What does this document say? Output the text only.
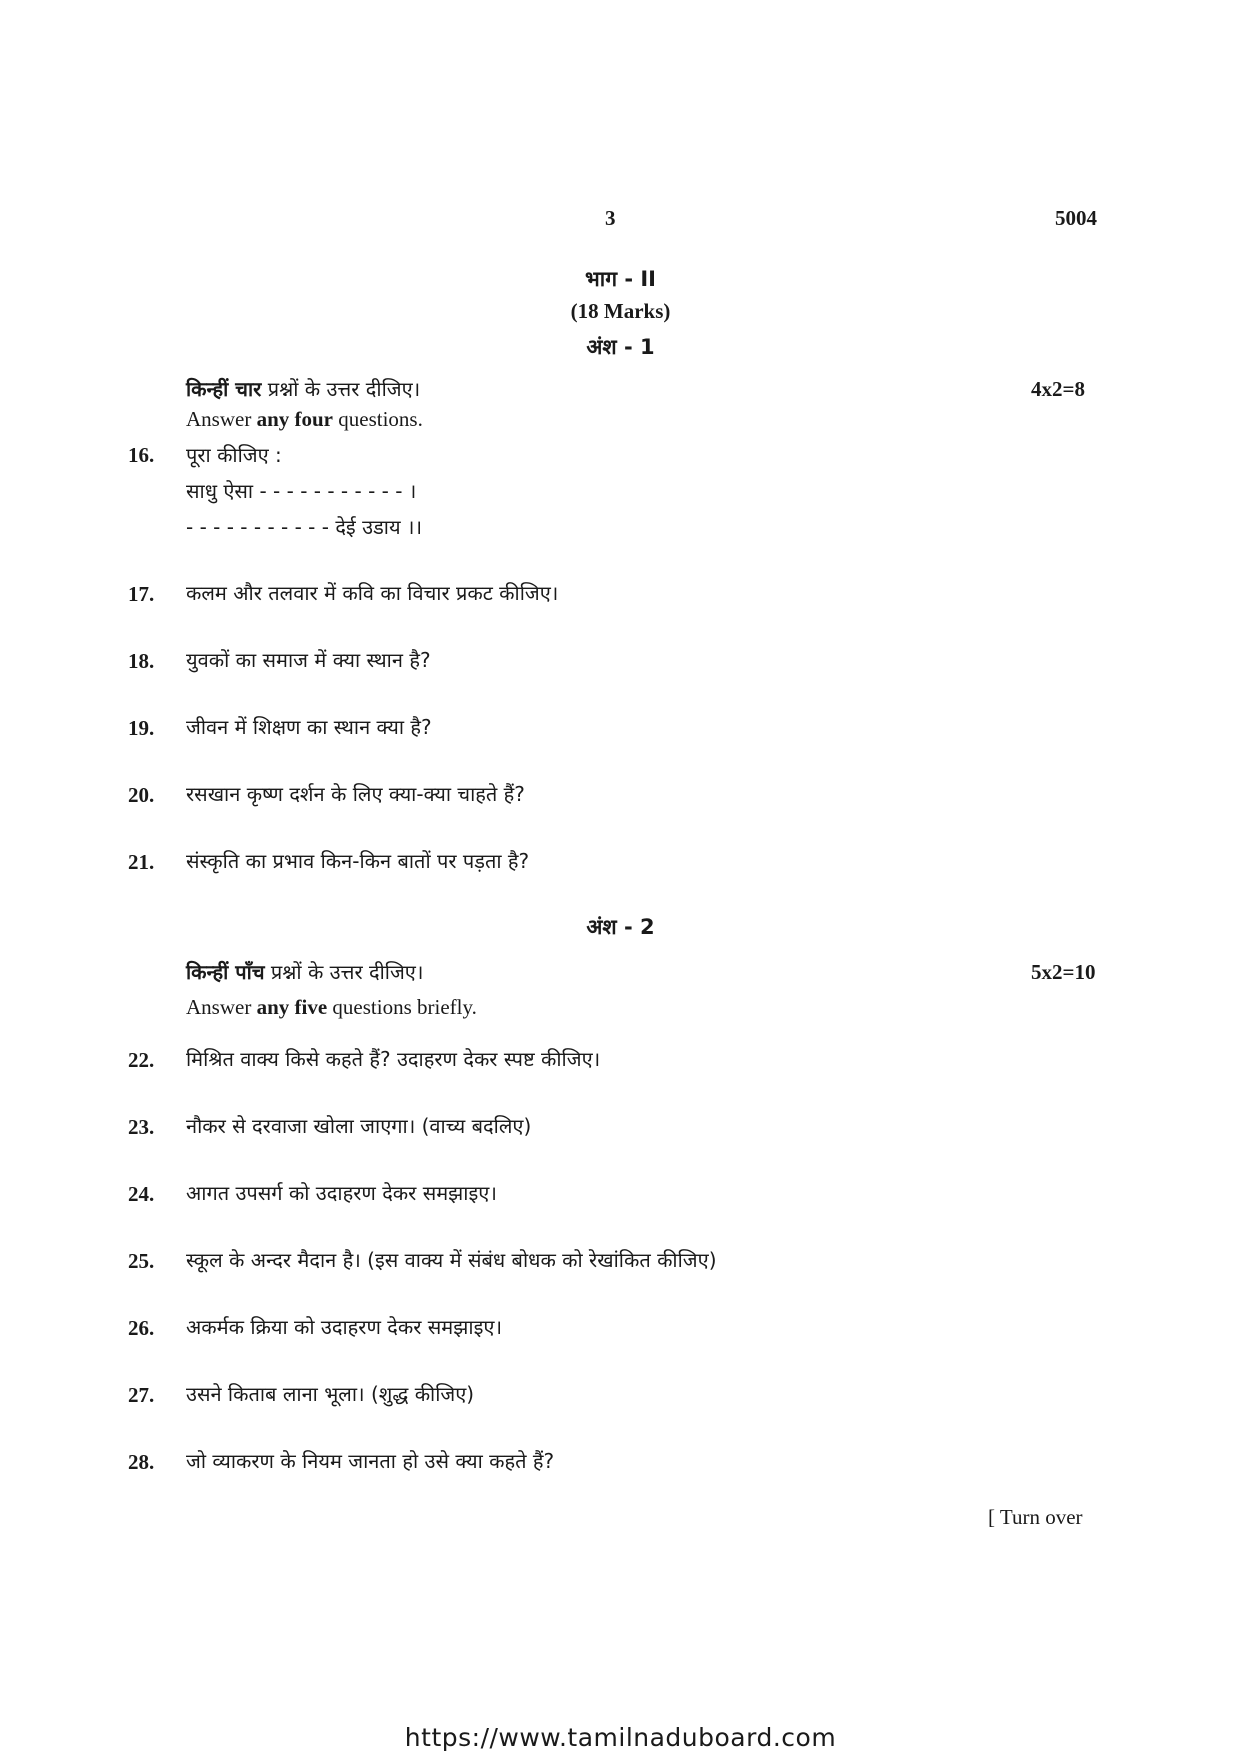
3	5004
भाग - II
(18 Marks)
अंश - 1
किन्हीं चार प्रश्नों के उत्तर दीजिए।	4x2=8
Answer any four questions.
16. पूरा कीजिए :
साधु ऐसा - - - - - - - - - - - ।
- - - - - - - - - - - देई उडाय ।।
17. कलम और तलवार में कवि का विचार प्रकट कीजिए।
18. युवकों का समाज में क्या स्थान है?
19. जीवन में शिक्षण का स्थान क्या है?
20. रसखान कृष्ण दर्शन के लिए क्या-क्या चाहते हैं?
21. संस्कृति का प्रभाव किन-किन बातों पर पड़ता है?
अंश - 2
किन्हीं पाँच प्रश्नों के उत्तर दीजिए।	5x2=10
Answer any five questions briefly.
22. मिश्रित वाक्य किसे कहते हैं? उदाहरण देकर स्पष्ट कीजिए।
23. नौकर से दरवाजा खोला जाएगा। (वाच्य बदलिए)
24. आगत उपसर्ग को उदाहरण देकर समझाइए।
25. स्कूल के अन्दर मैदान है। (इस वाक्य में संबंध बोधक को रेखांकित कीजिए)
26. अकर्मक क्रिया को उदाहरण देकर समझाइए।
27. उसने किताब लाना भूला। (शुद्ध कीजिए)
28. जो व्याकरण के नियम जानता हो उसे क्या कहते हैं?
[ Turn over
https://www.tamilnaduboard.com
